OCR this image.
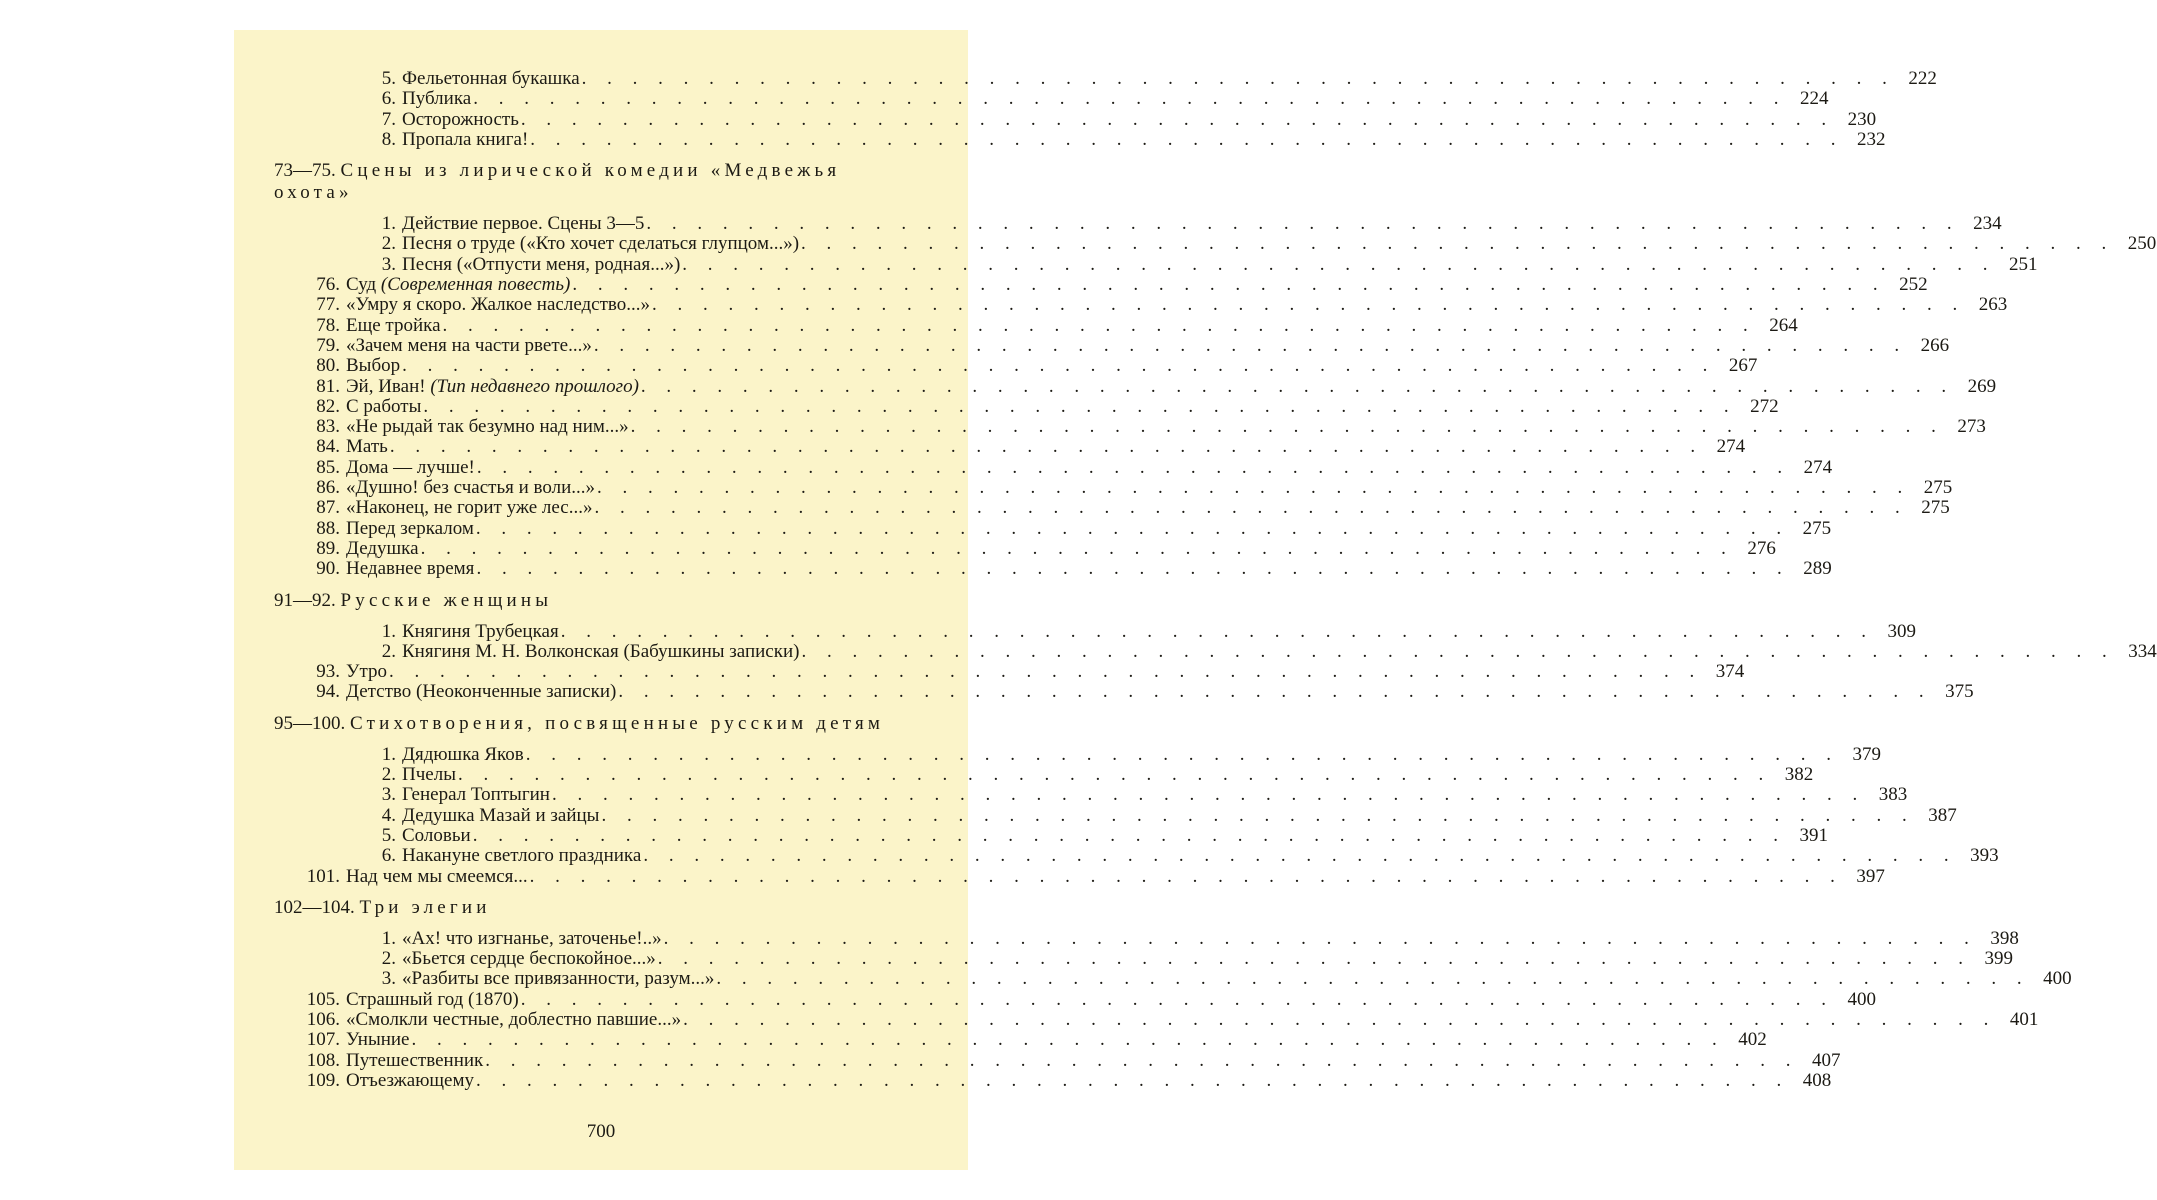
5. Фельетонная букашка . . .	222
6. Публика . . .	224
7. Осторожность . . .	230
8. Пропала книга! . . .	232
73—75. Сцены из лирической комедии «Медвежья охота»
1. Действие первое. Сцены 3—5 . . .	234
2. Песня о труде («Кто хочет сделаться глупцом...») . . .	250
3. Песня («Отпусти меня, родная...») . . .	251
76. Суд (Современная повесть) . . .	252
77. «Умру я скоро. Жалкое наследство...» . . .	263
78. Еще тройка . . .	264
79. «Зачем меня на части рвете...» . . .	266
80. Выбор . . .	267
81. Эй, Иван! (Тип недавнего прошлого) . . .	269
82. С работы . . .	272
83. «Не рыдай так безумно над ним...» . . .	273
84. Мать . . .	274
85. Дома — лучше! . . .	274
86. «Душно! без счастья и воли...» . . .	275
87. «Наконец, не горит уже лес...» . . .	275
88. Перед зеркалом . . .	275
89. Дедушка . . .	276
90. Недавнее время . . .	289
91—92. Русские женщины
1. Княгиня Трубецкая . . .	309
2. Княгиня М. Н. Волконская (Бабушкины записки) . . .	334
93. Утро . . .	374
94. Детство (Неоконченные записки) . . .	375
95—100. Стихотворения, посвященные русским детям
1. Дядюшка Яков . . .	379
2. Пчелы . . .	382
3. Генерал Топтыгин . . .	383
4. Дедушка Мазай и зайцы . . .	387
5. Соловьи . . .	391
6. Накануне светлого праздника . . .	393
101. Над чем мы смеемся... . . .	397
102—104. Три элегии
1. «Ах! что изгнанье, заточенье!..» . . .	398
2. «Бьется сердце беспокойное...» . . .	399
3. «Разбиты все привязанности, разум...» . . .	400
105. Страшный год (1870) . . .	400
106. «Смолкли честные, доблестно павшие...» . . .	401
107. Уныние . . .	402
108. Путешественник . . .	407
109. Отъезжающему . . .	408
700
